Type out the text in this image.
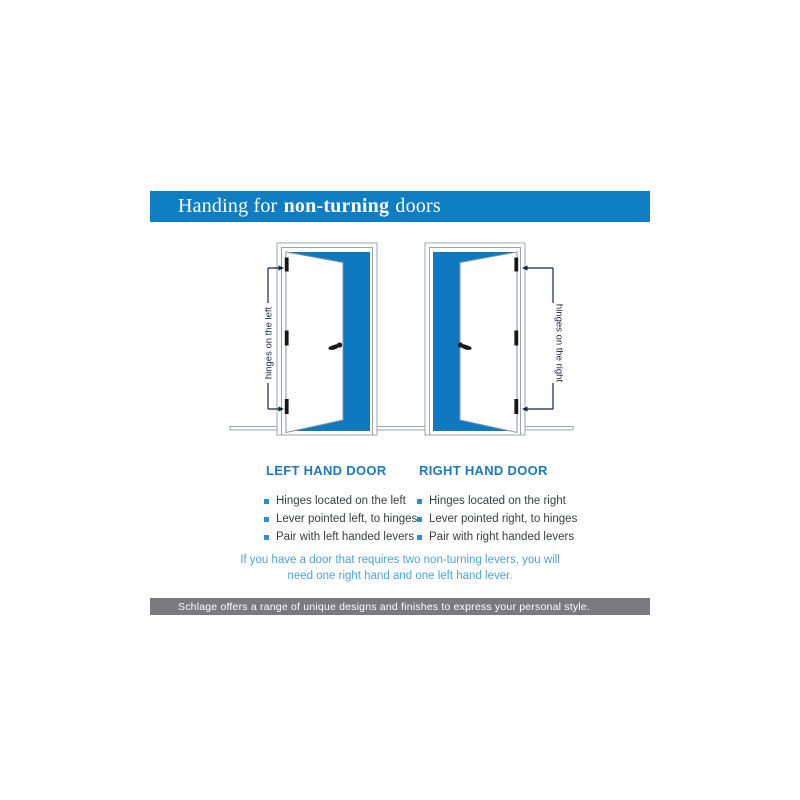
Handing for non-turning doors
hinges on the left	hinges on the right
LEFT HAND DOOR	RIGHT HAND DOOR
Hinges located on the left
Lever pointed left, to hinges
Pair with left handed levers
Hinges located on the right
Lever pointed right, to hinges
Pair with right handed levers
If you have a door that requires two non-turning levers, you will
need one right hand and one left hand lever.
Schlage offers a range of unique designs and finishes to express your personal style.
